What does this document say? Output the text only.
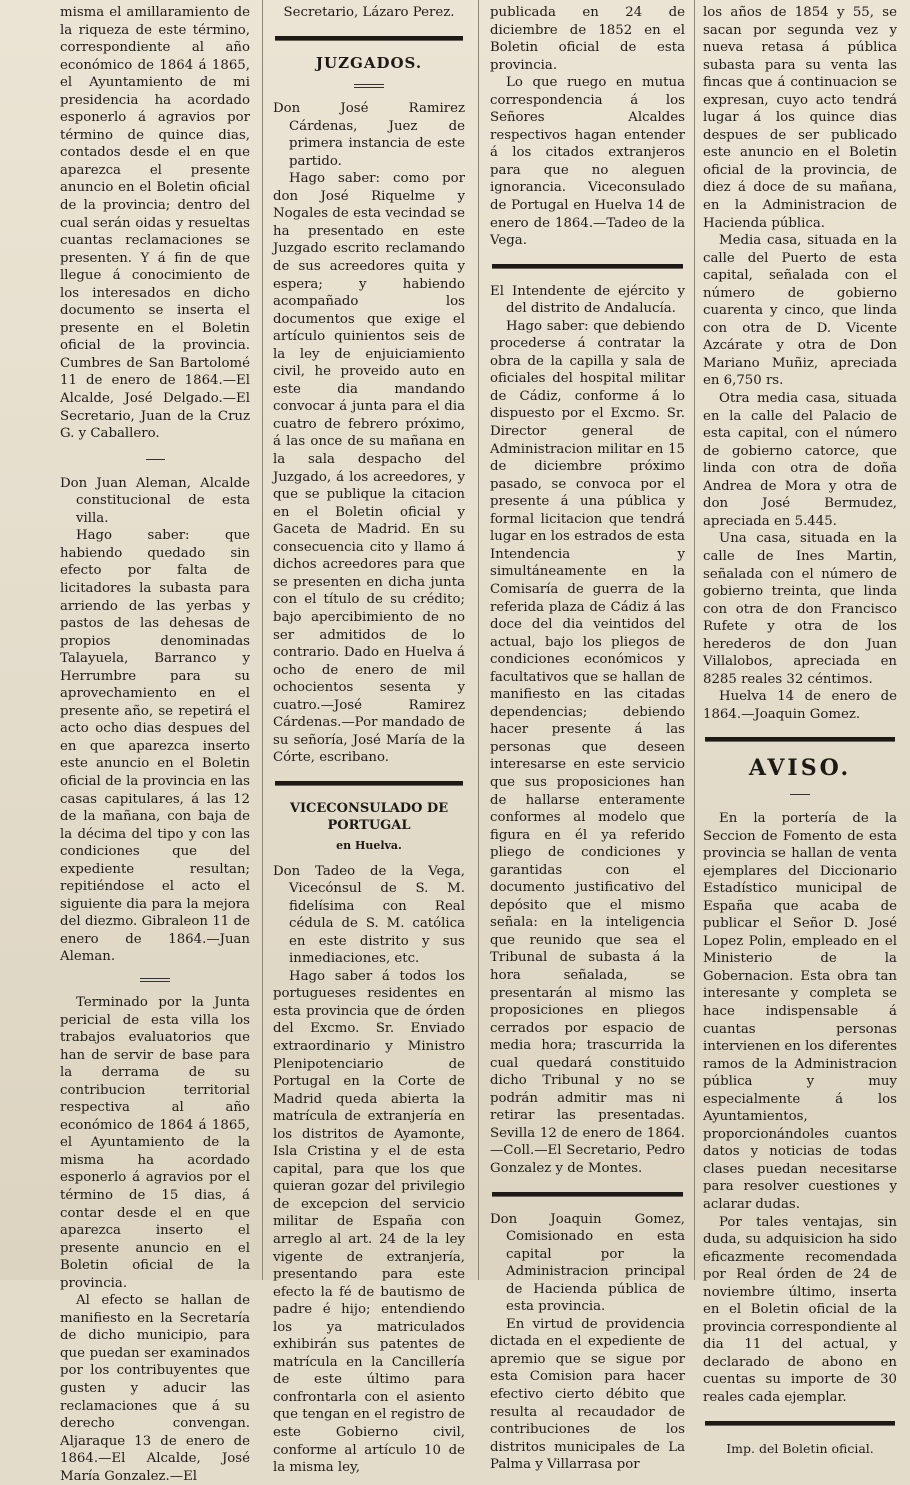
misma el amillaramiento de la riqueza de este término, correspondiente al año económico de 1864 á 1865, el Ayuntamiento de mi presidencia ha acordado esponerlo á agravios por término de quince dias, contados desde el en que aparezca el presente anuncio en el Boletin oficial de la provincia; dentro del cual serán oidas y resueltas cuantas reclamaciones se presenten. Y á fin de que llegue á conocimiento de los interesados en dicho documento se inserta el presente en el Boletin oficial de la provincia. Cumbres de San Bartolomé 11 de enero de 1864.—El Alcalde, José Delgado.—El Secretario, Juan de la Cruz G. y Caballero.

Don Juan Aleman, Alcalde constitucional de esta villa.

Hago saber: que habiendo quedado sin efecto por falta de licitadores la subasta para arriendo de las yerbas y pastos de las dehesas de propios denominadas Talayuela, Barranco y Herrumbre para su aprovechamiento en el presente año, se repetirá el acto ocho dias despues del en que aparezca inserto este anuncio en el Boletin oficial de la provincia en las casas capitulares, á las 12 de la mañana, con baja de la décima del tipo y con las condiciones que del expediente resultan; repitiéndose el acto el siguiente dia para la mejora del diezmo. Gibraleon 11 de enero de 1864.—Juan Aleman.

Terminado por la Junta pericial de esta villa los trabajos evaluatorios que han de servir de base para la derrama de su contribucion territorial respectiva al año económico de 1864 á 1865, el Ayuntamiento de la misma ha acordado esponerlo á agravios por el término de 15 dias, á contar desde el en que aparezca inserto el presente anuncio en el Boletin oficial de la provincia.

Al efecto se hallan de manifiesto en la Secretaría de dicho municipio, para que puedan ser examinados por los contribuyentes que gusten y aducir las reclamaciones que á su derecho convengan. Aljaraque 13 de enero de 1864.—El Alcalde, José María Gonzalez.—El

Secretario, Lázaro Perez.

JUZGADOS.

Don José Ramirez Cárdenas, Juez de primera instancia de este partido.

Hago saber: como por don José Riquelme y Nogales de esta vecindad se ha presentado en este Juzgado escrito reclamando de sus acreedores quita y espera; y habiendo acompañado los documentos que exige el artículo quinientos seis de la ley de enjuiciamiento civil, he proveido auto en este dia mandando convocar á junta para el dia cuatro de febrero próximo, á las once de su mañana en la sala despacho del Juzgado, á los acreedores, y que se publique la citacion en el Boletin oficial y Gaceta de Madrid. En su consecuencia cito y llamo á dichos acreedores para que se presenten en dicha junta con el título de su crédito; bajo apercibimiento de no ser admitidos de lo contrario. Dado en Huelva á ocho de enero de mil ochocientos sesenta y cuatro.—José Ramirez Cárdenas.—Por mandado de su señoría, José María de la Córte, escribano.

VICECONSULADO DE PORTUGAL
en Huelva.

Don Tadeo de la Vega, Vicecónsul de S. M. fidelísima con Real cédula de S. M. católica en este distrito y sus inmediaciones, etc.

Hago saber á todos los portugueses residentes en esta provincia que de órden del Excmo. Sr. Enviado extraordinario y Ministro Plenipotenciario de Portugal en la Corte de Madrid queda abierta la matrícula de extranjería en los distritos de Ayamonte, Isla Cristina y el de esta capital, para que los que quieran gozar del privilegio de excepcion del servicio militar de España con arreglo al art. 24 de la ley vigente de extranjería, presentando para este efecto la fé de bautismo de padre é hijo; entendiendo los ya matriculados exhibirán sus patentes de matrícula en la Cancillería de este último para confrontarla con el asiento que tengan en el registro de este Gobierno civil, conforme al artículo 10 de la misma ley,

publicada en 24 de diciembre de 1852 en el Boletin oficial de esta provincia.

Lo que ruego en mutua correspondencia á los Señores Alcaldes respectivos hagan entender á los citados extranjeros para que no aleguen ignorancia. Viceconsulado de Portugal en Huelva 14 de enero de 1864.—Tadeo de la Vega.

El Intendente de ejército y del distrito de Andalucía.

Hago saber: que debiendo procederse á contratar la obra de la capilla y sala de oficiales del hospital militar de Cádiz, conforme á lo dispuesto por el Excmo. Sr. Director general de Administracion militar en 15 de diciembre próximo pasado, se convoca por el presente á una pública y formal licitacion que tendrá lugar en los estrados de esta Intendencia y simultáneamente en la Comisaría de guerra de la referida plaza de Cádiz á las doce del dia veintidos del actual, bajo los pliegos de condiciones económicos y facultativos que se hallan de manifiesto en las citadas dependencias; debiendo hacer presente á las personas que deseen interesarse en este servicio que sus proposiciones han de hallarse enteramente conformes al modelo que figura en él ya referido pliego de condiciones y garantidas con el documento justificativo del depósito que el mismo señala: en la inteligencia que reunido que sea el Tribunal de subasta á la hora señalada, se presentarán al mismo las proposiciones en pliegos cerrados por espacio de media hora; trascurrida la cual quedará constituido dicho Tribunal y no se podrán admitir mas ni retirar las presentadas. Sevilla 12 de enero de 1864.—Coll.—El Secretario, Pedro Gonzalez y de Montes.

Don Joaquin Gomez, Comisionado en esta capital por la Administracion principal de Hacienda pública de esta provincia.

En virtud de providencia dictada en el expediente de apremio que se sigue por esta Comision para hacer efectivo cierto débito que resulta al recaudador de contribuciones de los distritos municipales de La Palma y Villarrasa por

los años de 1854 y 55, se sacan por segunda vez y nueva retasa á pública subasta para su venta las fincas que á continuacion se expresan, cuyo acto tendrá lugar á los quince dias despues de ser publicado este anuncio en el Boletin oficial de la provincia, de diez á doce de su mañana, en la Administracion de Hacienda pública.

Media casa, situada en la calle del Puerto de esta capital, señalada con el número de gobierno cuarenta y cinco, que linda con otra de D. Vicente Azcárate y otra de Don Mariano Muñiz, apreciada en 6,750 rs.

Otra media casa, situada en la calle del Palacio de esta capital, con el número de gobierno catorce, que linda con otra de doña Andrea de Mora y otra de don José Bermudez, apreciada en 5.445.

Una casa, situada en la calle de Ines Martin, señalada con el número de gobierno treinta, que linda con otra de don Francisco Rufete y otra de los herederos de don Juan Villalobos, apreciada en 8285 reales 32 céntimos.

Huelva 14 de enero de 1864.—Joaquin Gomez.

AVISO.

En la portería de la Seccion de Fomento de esta provincia se hallan de venta ejemplares del Diccionario Estadístico municipal de España que acaba de publicar el Señor D. José Lopez Polin, empleado en el Ministerio de la Gobernacion. Esta obra tan interesante y completa se hace indispensable á cuantas personas intervienen en los diferentes ramos de la Administracion pública y muy especialmente á los Ayuntamientos, proporcionándoles cuantos datos y noticias de todas clases puedan necesitarse para resolver cuestiones y aclarar dudas.

Por tales ventajas, sin duda, su adquisicion ha sido eficazmente recomendada por Real órden de 24 de noviembre último, inserta en el Boletin oficial de la provincia correspondiente al dia 11 del actual, y declarado de abono en cuentas su importe de 30 reales cada ejemplar.

Imp. del Boletin oficial.
